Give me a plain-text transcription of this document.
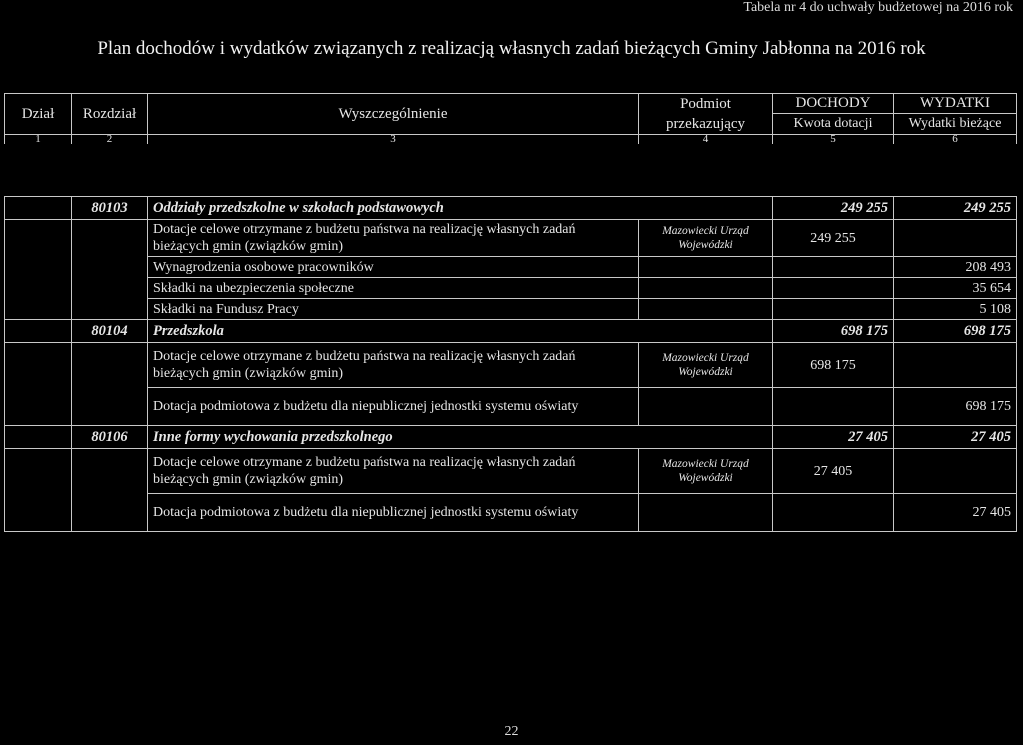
Tabela nr 4 do uchwały budżetowej na 2016 rok
Plan dochodów i wydatków związanych z realizacją własnych zadań bieżących Gminy Jabłonna na 2016 rok
Dział	Rozdział	Wyszczególnienie	Podmiot przekazujący	DOCHODY	WYDATKI
				Kwota dotacji	Wydatki bieżące
1	2	3	4	5	6
	80103	Oddziały przedszkolne w szkołach podstawowych		249 255	249 255
		Dotacje celowe otrzymane z budżetu państwa na realizację własnych zadań bieżących gmin (związków gmin)	Mazowiecki Urząd Wojewódzki	249 255	
		Wynagrodzenia osobowe pracowników			208 493
		Składki na ubezpieczenia społeczne			35 654
		Składki na Fundusz Pracy			5 108
	80104	Przedszkola		698 175	698 175
		Dotacje celowe otrzymane z budżetu państwa na realizację własnych zadań bieżących gmin (związków gmin)	Mazowiecki Urząd Wojewódzki	698 175	
		Dotacja podmiotowa z budżetu dla niepublicznej jednostki systemu oświaty			698 175
	80106	Inne formy wychowania przedszkolnego		27 405	27 405
		Dotacje celowe otrzymane z budżetu państwa na realizację własnych zadań bieżących gmin (związków gmin)	Mazowiecki Urząd Wojewódzki	27 405	
		Dotacja podmiotowa z budżetu dla niepublicznej jednostki systemu oświaty			27 405
22
